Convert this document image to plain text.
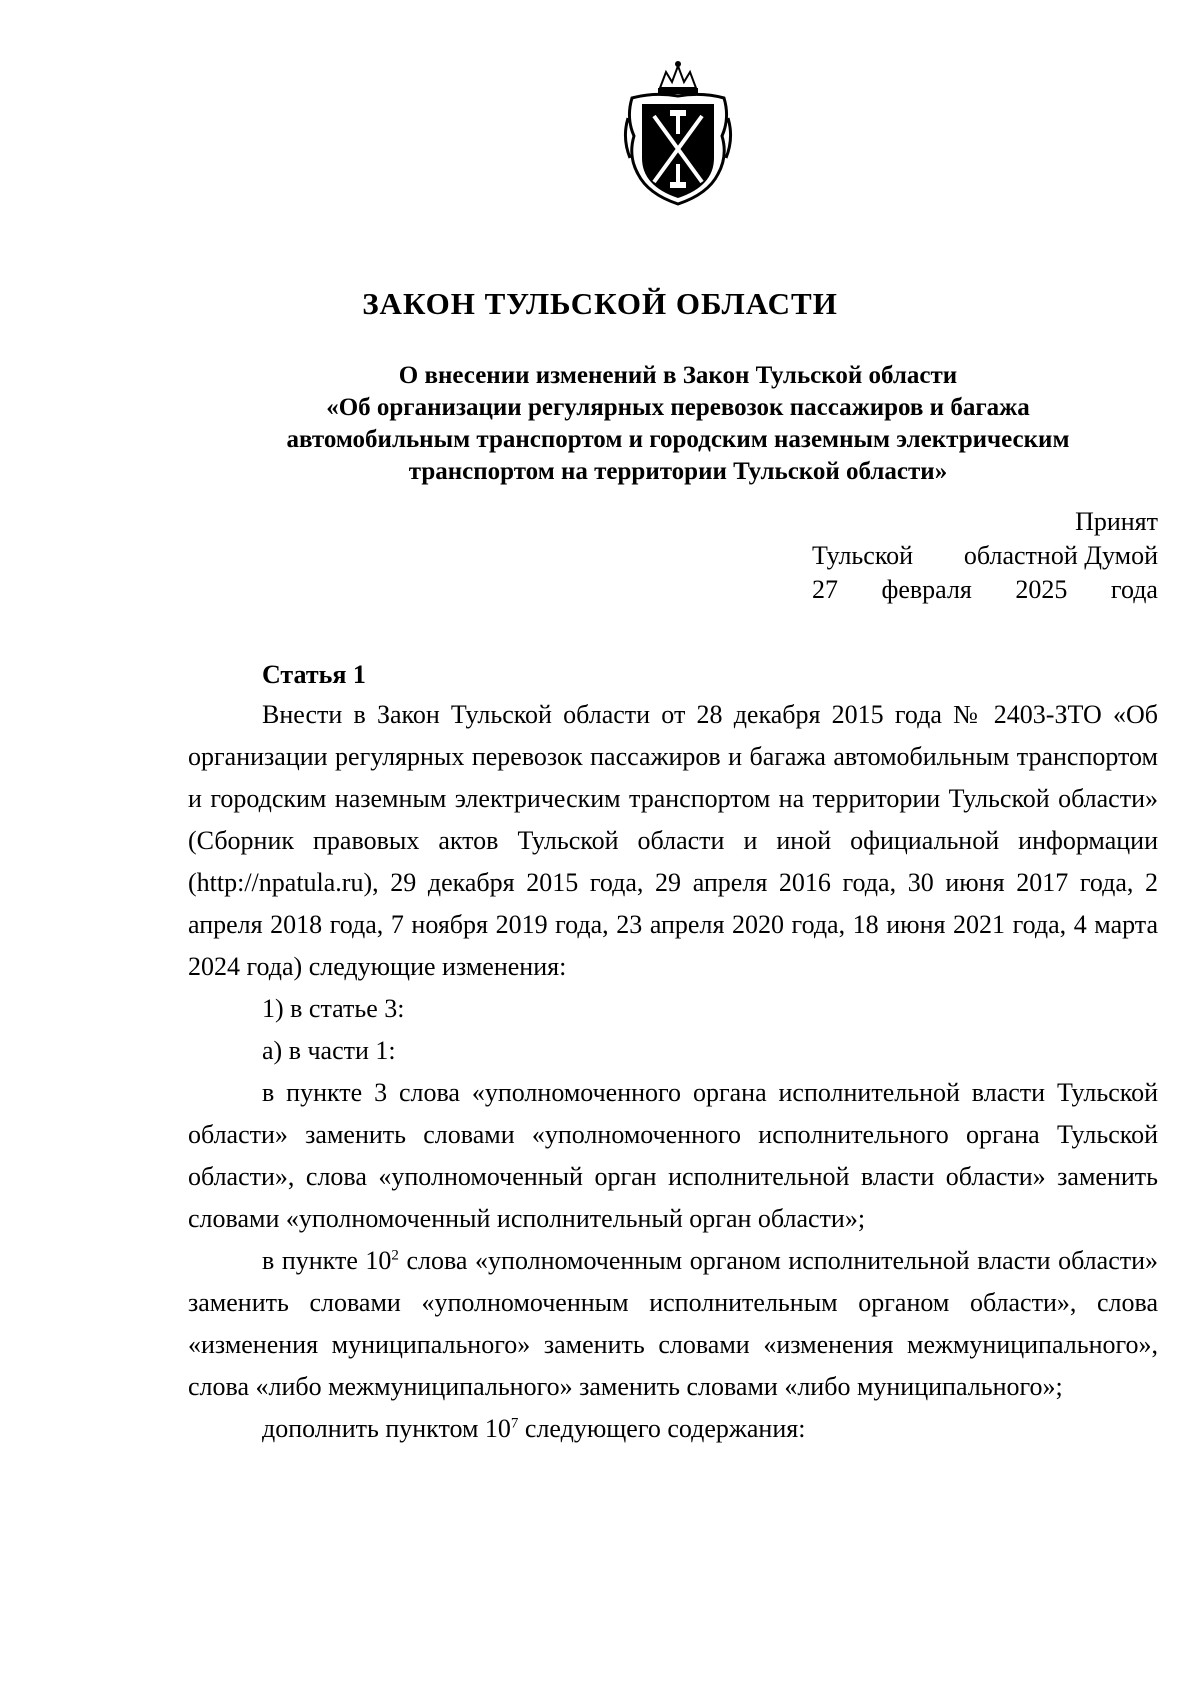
ЗАКОН ТУЛЬСКОЙ ОБЛАСТИ
О внесении изменений в Закон Тульской области
«Об организации регулярных перевозок пассажиров и багажа
автомобильным транспортом и городским наземным электрическим
транспортом на территории Тульской области»
Принят
Тульской областной Думой
27 февраля 2025 года
Статья 1

Внести в Закон Тульской области от 28 декабря 2015 года № 2403-ЗТО «Об организации регулярных перевозок пассажиров и багажа автомобильным транспортом и городским наземным электрическим транспортом на территории Тульской области» (Сборник правовых актов Тульской области и иной официальной информации (http://npatula.ru), 29 декабря 2015 года, 29 апреля 2016 года, 30 июня 2017 года, 2 апреля 2018 года, 7 ноября 2019 года, 23 апреля 2020 года, 18 июня 2021 года, 4 марта 2024 года) следующие изменения:

1) в статье 3:

а) в части 1:

в пункте 3 слова «уполномоченного органа исполнительной власти Тульской области» заменить словами «уполномоченного исполнительного органа Тульской области», слова «уполномоченный орган исполнительной власти области» заменить словами «уполномоченный исполнительный орган области»;

в пункте $10^2$ слова «уполномоченным органом исполнительной власти области» заменить словами «уполномоченным исполнительным органом области», слова «изменения муниципального» заменить словами «изменения межмуниципального», слова «либо межмуниципального» заменить словами «либо муниципального»;

дополнить пунктом $10^7$ следующего содержания:
